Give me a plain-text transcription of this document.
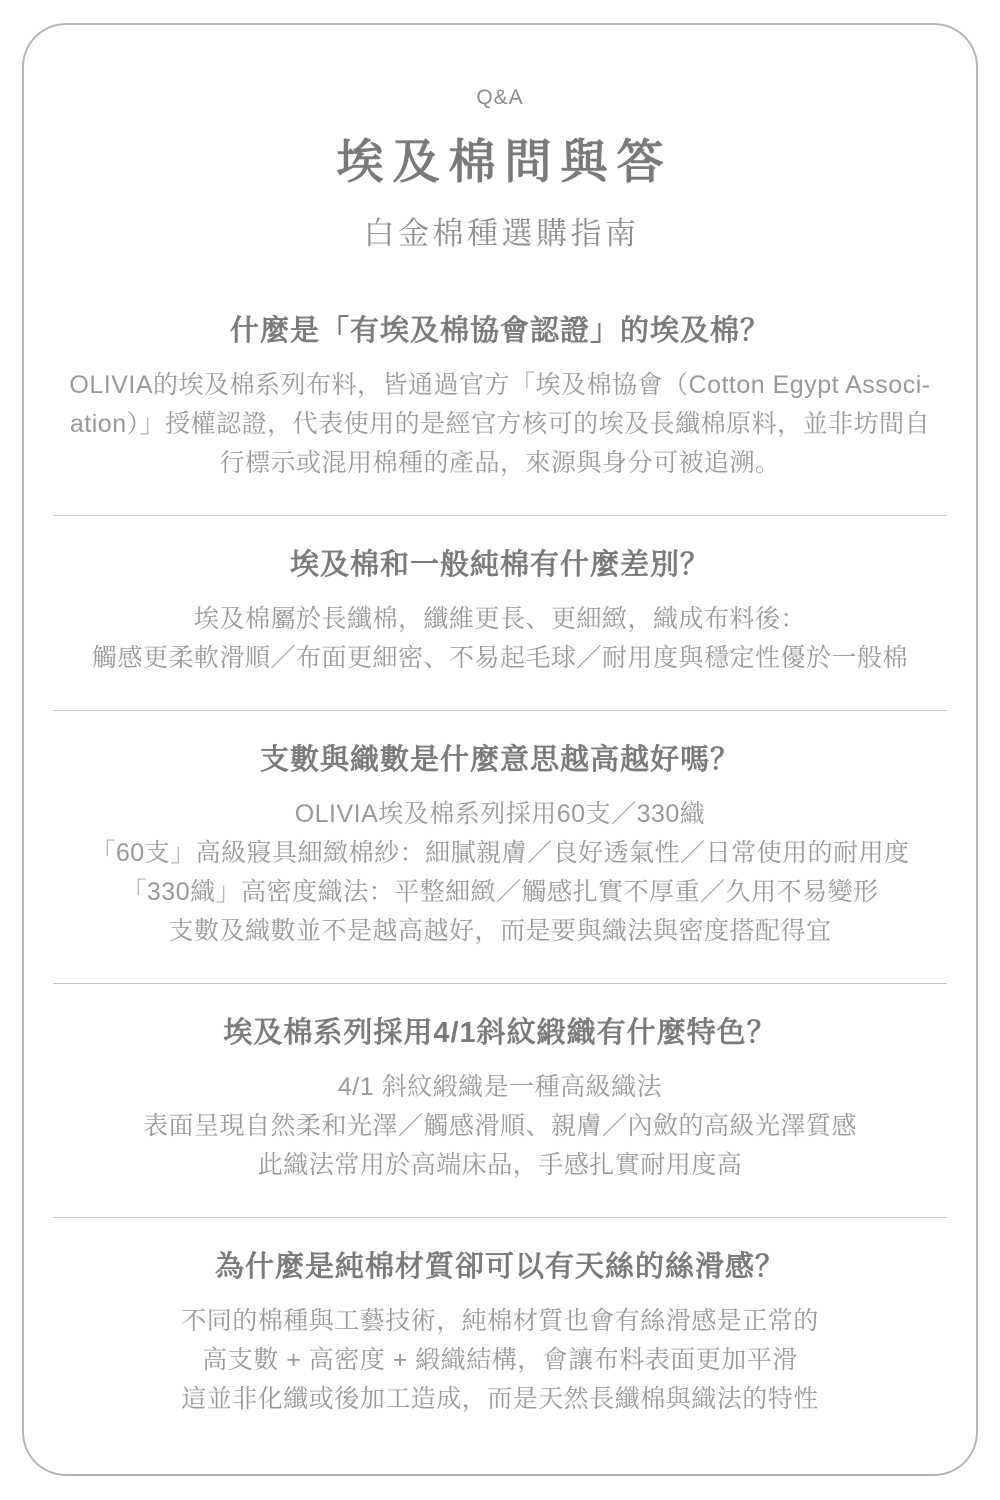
Q&A
埃及棉問與答
白金棉種選購指南
什麼是「有埃及棉協會認證」的埃及棉？
OLIVIA的埃及棉系列布料，皆通過官方「埃及棉協會（Cotton Egypt Associ-
ation）」授權認證，代表使用的是經官方核可的埃及長纖棉原料，並非坊間自
行標示或混用棉種的產品，來源與身分可被追溯。
埃及棉和一般純棉有什麼差別？
埃及棉屬於長纖棉，纖維更長、更細緻，織成布料後：
觸感更柔軟滑順／布面更細密、不易起毛球／耐用度與穩定性優於一般棉
支數與織數是什麼意思越高越好嗎？
OLIVIA埃及棉系列採用60支／330織
「60支」高級寢具細緻棉紗：細膩親膚／良好透氣性／日常使用的耐用度
「330織」高密度織法：平整細緻／觸感扎實不厚重／久用不易變形
支數及織數並不是越高越好，而是要與織法與密度搭配得宜
埃及棉系列採用4/1斜紋緞織有什麼特色？
4/1 斜紋緞織是一種高級織法
表面呈現自然柔和光澤／觸感滑順、親膚／內斂的高級光澤質感
此織法常用於高端床品，手感扎實耐用度高
為什麼是純棉材質卻可以有天絲的絲滑感？
不同的棉種與工藝技術，純棉材質也會有絲滑感是正常的
高支數 + 高密度 + 緞織結構，會讓布料表面更加平滑
這並非化纖或後加工造成，而是天然長纖棉與織法的特性
